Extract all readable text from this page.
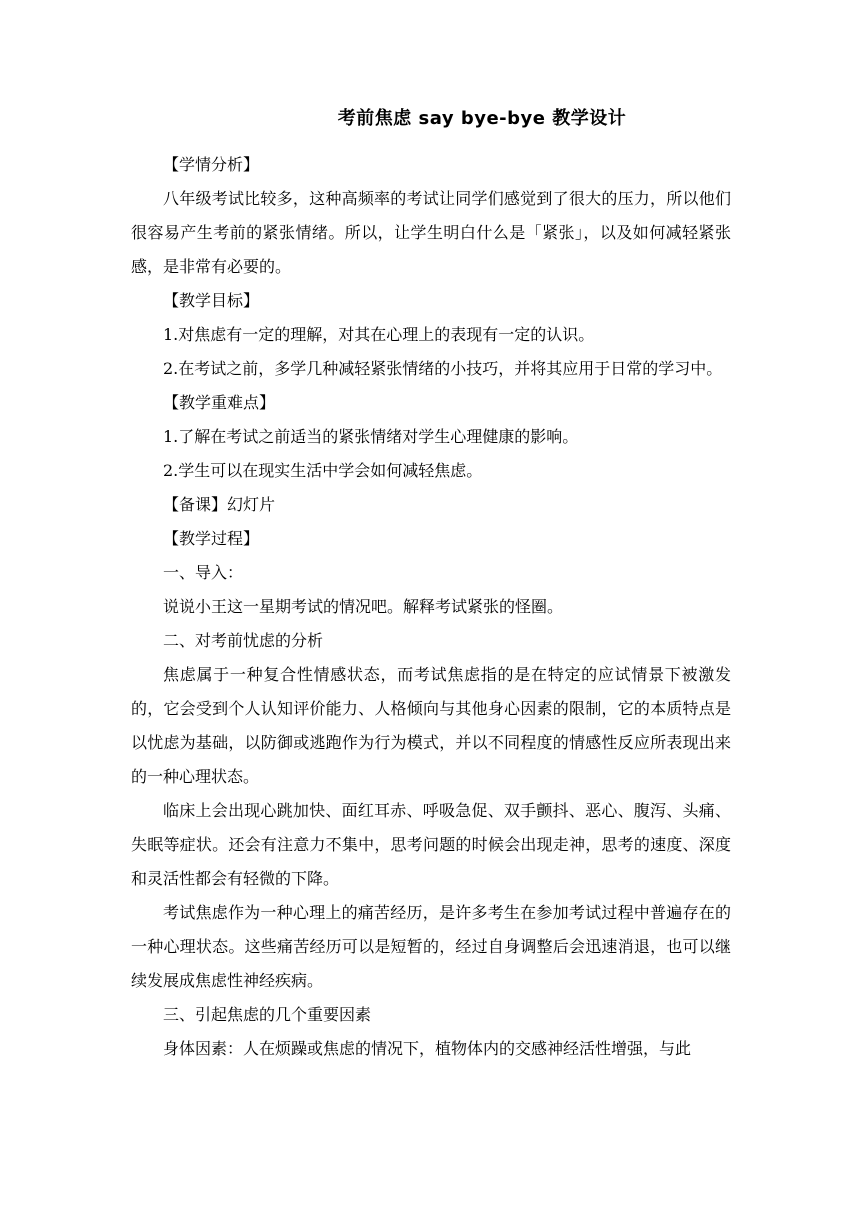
考前焦虑 say bye-bye 教学设计

【学情分析】

八年级考试比较多，这种高频率的考试让同学们感觉到了很大的压力，所以他们很容易产生考前的紧张情绪。所以，让学生明白什么是「紧张」，以及如何减轻紧张感，是非常有必要的。

【教学目标】

1.对焦虑有一定的理解，对其在心理上的表现有一定的认识。

2.在考试之前，多学几种减轻紧张情绪的小技巧，并将其应用于日常的学习中。

【教学重难点】

1.了解在考试之前适当的紧张情绪对学生心理健康的影响。

2.学生可以在现实生活中学会如何减轻焦虑。

【备课】幻灯片

【教学过程】

一、导入：

说说小王这一星期考试的情况吧。解释考试紧张的怪圈。

二、对考前忧虑的分析

焦虑属于一种复合性情感状态，而考试焦虑指的是在特定的应试情景下被激发的，它会受到个人认知评价能力、人格倾向与其他身心因素的限制，它的本质特点是以忧虑为基础，以防御或逃跑作为行为模式，并以不同程度的情感性反应所表现出来的一种心理状态。

临床上会出现心跳加快、面红耳赤、呼吸急促、双手颤抖、恶心、腹泻、头痛、失眠等症状。还会有注意力不集中，思考问题的时候会出现走神，思考的速度、深度和灵活性都会有轻微的下降。

考试焦虑作为一种心理上的痛苦经历，是许多考生在参加考试过程中普遍存在的一种心理状态。这些痛苦经历可以是短暂的，经过自身调整后会迅速消退，也可以继续发展成焦虑性神经疾病。

三、引起焦虑的几个重要因素

身体因素：人在烦躁或焦虑的情况下，植物体内的交感神经活性增强，与此
